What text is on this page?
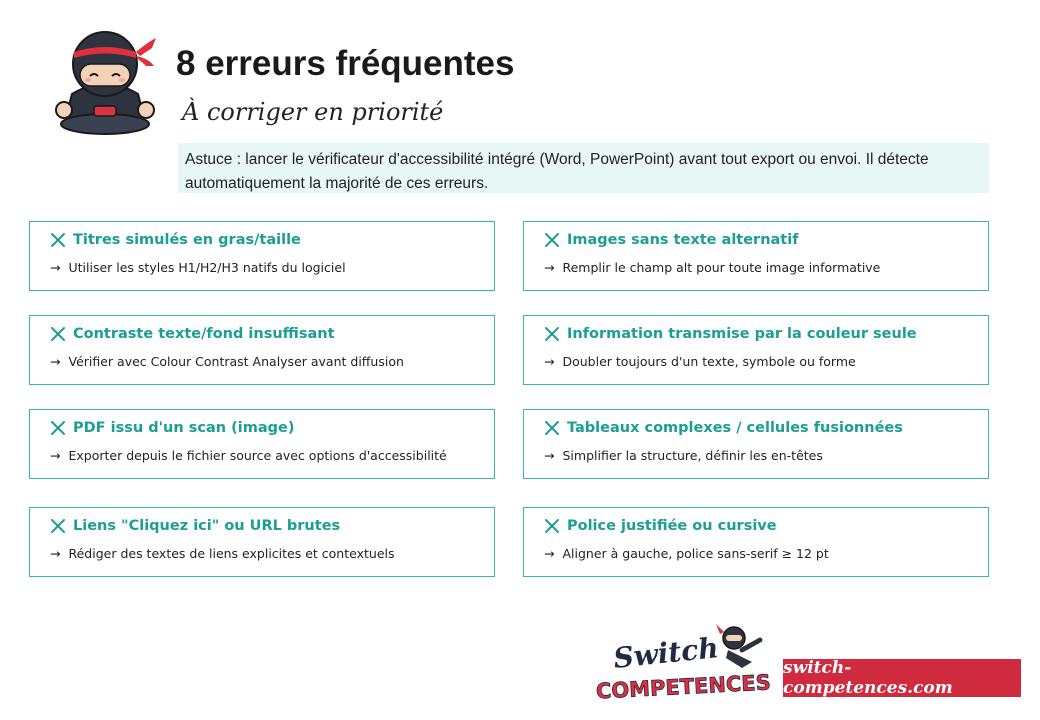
8 erreurs fréquentes

À corriger en priorité

Astuce : lancer le vérificateur d'accessibilité intégré (Word, PowerPoint) avant tout export ou envoi. Il détecte automatiquement la majorité de ces erreurs.
Titres simulés en gras/taille
→ Utiliser les styles H1/H2/H3 natifs du logiciel
Images sans texte alternatif
→ Remplir le champ alt pour toute image informative
Contraste texte/fond insuffisant
→ Vérifier avec Colour Contrast Analyser avant diffusion
Information transmise par la couleur seule
→ Doubler toujours d'un texte, symbole ou forme
PDF issu d'un scan (image)
→ Exporter depuis le fichier source avec options d'accessibilité
Tableaux complexes / cellules fusionnées
→ Simplifier la structure, définir les en-têtes
Liens "Cliquez ici" ou URL brutes
→ Rédiger des textes de liens explicites et contextuels
Police justifiée ou cursive
→ Aligner à gauche, police sans-serif ≥ 12 pt
Switch
COMPETENCES
switch-competences.com
